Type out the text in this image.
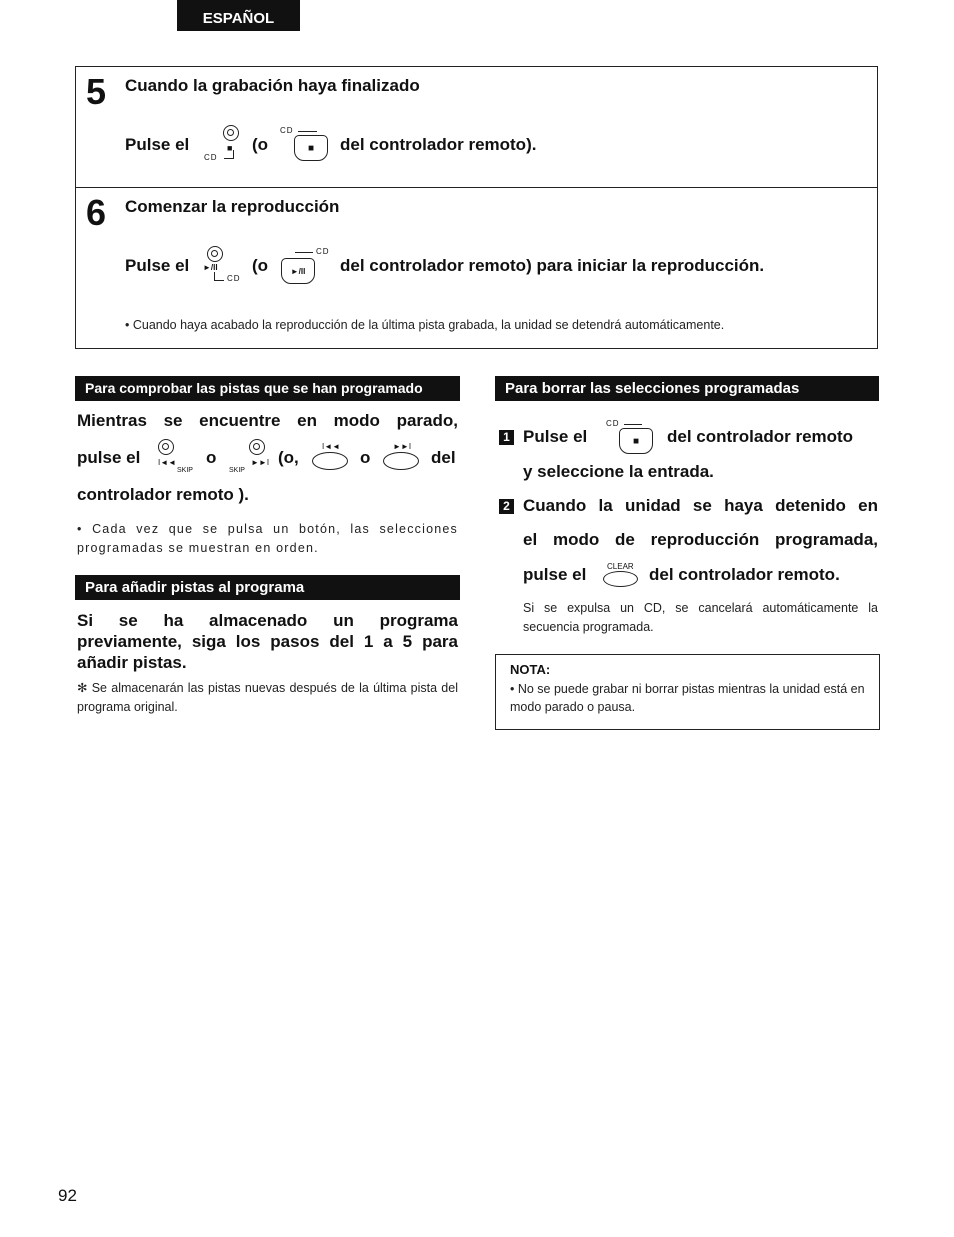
ESPAÑOL
5 Cuando la grabación haya finalizado
Pulse el	■
CD
(o
CD
■	del controlador remoto).
6 Comenzar la reproducción
Pulse el ►/II
CD
(o
CD
►/II	del controlador remoto) para iniciar la reproducción.
• Cuando haya acabado la reproducción de la última pista grabada, la unidad se detendrá automáticamente.
Para comprobar las pistas que se han programado
Mientras se encuentre en modo parado,
pulse el I◄◄
SKIP
o	►►I
SKIP
(o,
I◄◄
o
►►I
del
controlador remoto ).
• Cada vez que se pulsa un botón, las selecciones programadas se muestran en orden.
Para añadir pistas al programa
Si se ha almacenado un programa previamente, siga los pasos del 1 a 5 para añadir pistas.
✻ Se almacenarán las pistas nuevas después de la última pista del programa original.
Para borrar las selecciones programadas
1 Pulse el
CD
■	del controlador remoto
y seleccione la entrada.
2 Cuando la unidad se haya detenido en
el modo de reproducción programada,
pulse el	CLEAR del controlador remoto.
Si se expulsa un CD, se cancelará automáticamente la secuencia programada.
NOTA:
• No se puede grabar ni borrar pistas mientras la unidad está en modo parado o pausa.
92
